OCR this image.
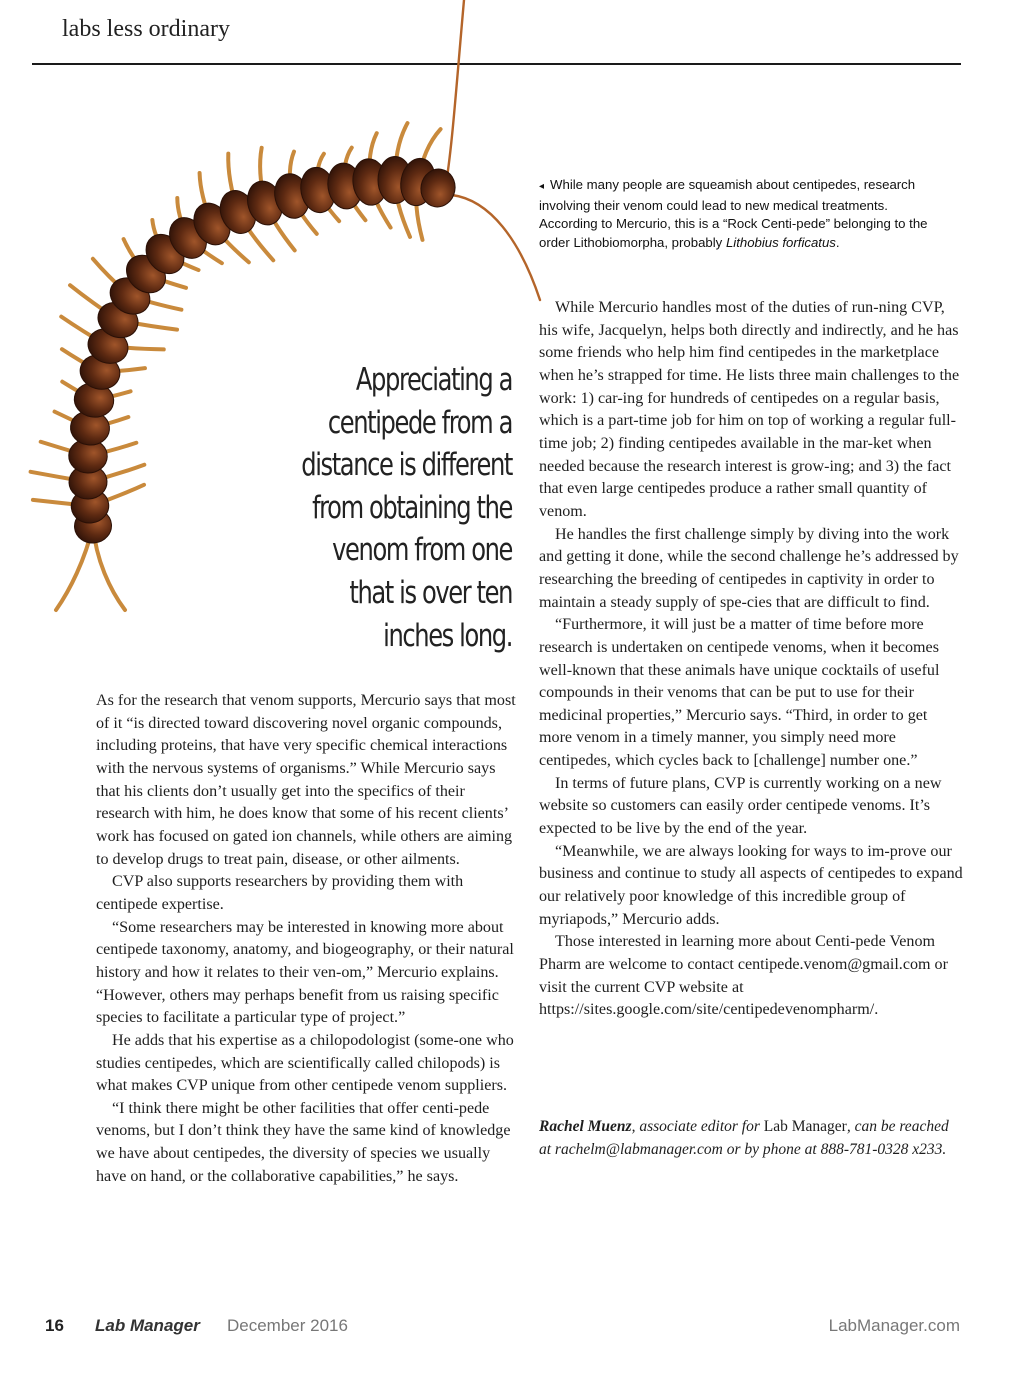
labs less ordinary

◂ While many people are squeamish about centipedes, research involving their venom could lead to new medical treatments. According to Mercurio, this is a “Rock Centi-pede” belonging to the order Lithobiomorpha, probably Lithobius forficatus.

Appreciating a centipede from a distance is different from obtaining the venom from one that is over ten inches long.

As for the research that venom supports, Mercurio says that most of it “is directed toward discovering novel organic compounds, including proteins, that have very specific chemical interactions with the nervous systems of organisms.” While Mercurio says that his clients don’t usually get into the specifics of their research with him, he does know that some of his recent clients’ work has focused on gated ion channels, while others are aiming to develop drugs to treat pain, disease, or other ailments.

CVP also supports researchers by providing them with centipede expertise.

“Some researchers may be interested in knowing more about centipede taxonomy, anatomy, and biogeography, or their natural history and how it relates to their ven-om,” Mercurio explains. “However, others may perhaps benefit from us raising specific species to facilitate a particular type of project.”

He adds that his expertise as a chilopodologist (some-one who studies centipedes, which are scientifically called chilopods) is what makes CVP unique from other centipede venom suppliers.

“I think there might be other facilities that offer centi-pede venoms, but I don’t think they have the same kind of knowledge we have about centipedes, the diversity of species we usually have on hand, or the collaborative capabilities,” he says.

While Mercurio handles most of the duties of run-ning CVP, his wife, Jacquelyn, helps both directly and indirectly, and he has some friends who help him find centipedes in the marketplace when he’s strapped for time. He lists three main challenges to the work: 1) car-ing for hundreds of centipedes on a regular basis, which is a part-time job for him on top of working a regular full-time job; 2) finding centipedes available in the mar-ket when needed because the research interest is grow-ing; and 3) the fact that even large centipedes produce a rather small quantity of venom.

He handles the first challenge simply by diving into the work and getting it done, while the second challenge he’s addressed by researching the breeding of centipedes in captivity in order to maintain a steady supply of spe-cies that are difficult to find.

“Furthermore, it will just be a matter of time before more research is undertaken on centipede venoms, when it becomes well-known that these animals have unique cocktails of useful compounds in their venoms that can be put to use for their medicinal properties,” Mercurio says. “Third, in order to get more venom in a timely manner, you simply need more centipedes, which cycles back to [challenge] number one.”

In terms of future plans, CVP is currently working on a new website so customers can easily order centipede venoms. It’s expected to be live by the end of the year.

“Meanwhile, we are always looking for ways to im-prove our business and continue to study all aspects of centipedes to expand our relatively poor knowledge of this incredible group of myriapods,” Mercurio adds.

Those interested in learning more about Centi-pede Venom Pharm are welcome to contact centipede.venom@gmail.com or visit the current CVP website at https://sites.google.com/site/centipedevenompharm/.

Rachel Muenz, associate editor for Lab Manager, can be reached at rachelm@labmanager.com or by phone at 888-781-0328 x233.

16 Lab Manager December 2016	LabManager.com
